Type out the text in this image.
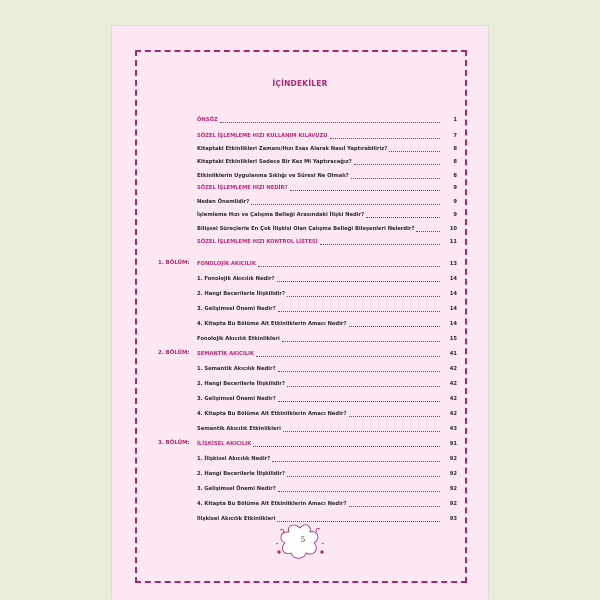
İÇİNDEKİLER
ÖNSÖZ	1
SÖZEL İŞLEMLEME HIZI KULLANIM KILAVUZU	7
Kitaptaki Etkinlikleri Zamanı/Hızı Esas Alarak Nasıl Yaptırabiliriz?	8
Kitaptaki Etkinlikleri Sadece Bir Kez Mi Yaptıracağız?	8
Etkinliklerin Uygulanma Sıklığı ve Süresi Ne Olmalı?	8
SÖZEL İŞLEMLEME HIZI NEDİR?	9
Neden Önemlidir?	9
İşlemleme Hızı ve Çalışma Belleği Arasındaki İlişki Nedir?	9
Bilişsel Süreçlerle En Çok İlişkisi Olan Çalışma Belleği Bileşenleri Nelerdir?	10
SÖZEL İŞLEMLEME HIZI KONTROL LİSTESİ	11
1. BÖLÜM: FONOLOJİK AKICILIK	13
1. Fonolojik Akıcılık Nedir?	14
2. Hangi Becerilerle İlişkilidir?	14
3. Gelişimsel Önemi Nedir?	14
4. Kitapta Bu Bölüme Ait Etkinliklerin Amacı Nedir?	14
Fonolojik Akıcılık Etkinlikleri	15
2. BÖLÜM: SEMANTİK AKICILIK	41
1. Semantik Akıcılık Nedir?	42
2. Hangi Becerilerle İlişkilidir?	42
3. Gelişimsel Önemi Nedir?	42
4. Kitapta Bu Bölüme Ait Etkinliklerin Amacı Nedir?	42
Semantik Akıcılık Etkinlikleri	43
3. BÖLÜM: İLİŞKİSEL AKICILIK	91
1. İlişkisel Akıcılık Nedir?	92
2. Hangi Becerilerle İlişkilidir?	92
3. Gelişimsel Önemi Nedir?	92
4. Kitapta Bu Bölüme Ait Etkinliklerin Amacı Nedir?	92
İlişkisel Akıcılık Etkinlikleri	93
5
